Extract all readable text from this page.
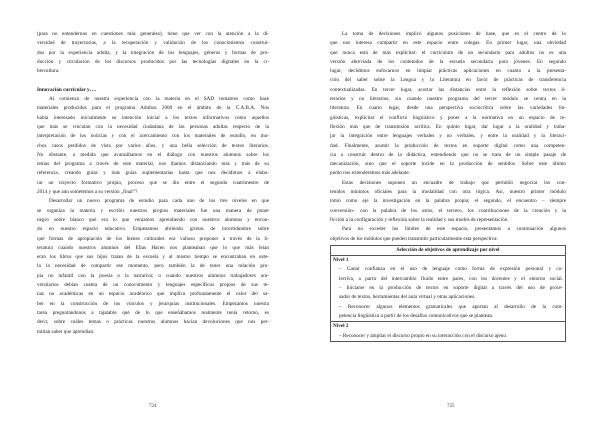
(para no entendernos en cuestiones más generales), tiene que ver con la atención a la di-
versidad de trayectorias, a la recuperación y validación de los conocimientos construi-
dos por la experiencia adulta, y la integración de los lenguajes, géneros y formas de pro-
ducción y circulación de los discursos producidos por las tecnologías digitales en la ci-
bercultura.
Innovación curricular y….
Al comienzo de nuestra experiencia con la materia en el SAD tomamos como base
materiales producidos para el programa Adultos 2000 en el ámbito de la C.A.B.A. Nos
había interesado inicialmente su intención inicial a los textos informativos como aquellos
que más se vinculan con la necesidad ciudadana de las personas adultas respecto de la
interpretación de los noticias y con el acercamiento con los materiales de estudio, en mu-
chos casos perdidos de vista por varios años, y una bella selección de textos literarios.
No obstante, a medida que avanzábamos en el diálogo con nuestros alumnos sobre los
temas del programa a través de este material, nos íbamos distanciando más y más de su
referencia, creando guías y más guías suplementarias hasta que nos decidimos a elabo-
rar un trayecto formativo propio, proceso que se dio entre el segundo cuatrimestre de
2014 y que aún sometemos a su versión „final“?
Desarrollar un nuevo programa de estudio para cada uno de los tres niveles en que
se organiza la materia y escribir nuestros propios materiales fue una manera de poner
negro sobre blanco qué era lo que veníamos aprendiendo con nuestros alumnos y encon-
do en nuestro espacio educativo. Empezamos abriendo grietas de incertidumbre sobre
qué formas de apropiación de los bienes culturales era valioso proponer a través de la li-
teratura cuando nuestros alumnos del Ellas Hacen nos planteaban que lo que más leían
eran los libros que sus hijos traían de la escuela y al mismo tiempo se encontraban en uste-
la la necesidad de compartir ese momento, pero también la de tener una relación pro-
pia no infantil con la poesía o la narrativa; o cuando nuestros alumnos trabajadores uni-
versitarios debían cuenta de un conocimiento y lenguajes específicos propios de sus te-
nas no académicas en un espacio académico que implica profundamente el valor del sa-
ber en la construcción de los vínculos y jerarquías institucionales. Empezamos nuestra
tarea preguntándonos a tajatable qué de lo que enseñábamos realmente tenía retorno, es
decir, sobre cuáles temas o prácticas nuestros alumnos hacían devoluciones que nos per-
mitían saber que aprendían.
724
La toma de decisiones implicó algunos posiciones de base, que es el centro de lo
que nos interesa compartir en este espacio entre colegas. En primer lugar, una obviedad
que nunca está de más explicitar: el currículum de un secundario para adultos no es una
versión abreviada de los contenidos de la escuela secundaria para jóvenes. En segundo
lugar, decidimos enfocarnos en limpiar prácticas aplicaciones en cuanto a la presenta-
ción del saber sobre la Lengua y la Literatura en favor de prácticas de transferencia
contextualizadas. En tercer lugar, acortar las distancias entre la reflexión sobre textos li-
terarios y no literarios, sin cuando nuestro programa del tercer módulo se centra en la
literatura. En cuarto lugar, desde una perspectiva sociocrítica sobre las variedades lin-
güísticas, explicitar el conflicto lingüístico y poner a la normativa en un espacio de re-
flexión más que de transmisión acrítica. En quinto lugar, dar lugar a la oralidad y traba-
jar la integración entre lenguajes verbales y no verbales, y entre la oralidad y la literaci-
dad. Finalmente, asumir la producción de textos en soporte digital como una competen-
cia a construir dentro de la didáctica, entendiendo que no se trata de un simple pasaje de
mecanización, sino que el soporte incide en la producción de sentidos. Sobre este último
punto nos extenderemos más adelante.
Estas decisiones suponen un encuadre de trabajo que permitió negociar los con-
tenidos mínimos oficiales para la modalidad con otra lógica. Así, nuestro primer módulo
tomó como eje la investigación en la palabra propia; el segundo, el encuentro – siempre
conversión– con la palabra de los otros; el tercero, los contribuciones de la creación y la
ficción a la configuración y reflexión sobre la realidad y sus modos de representación.
Para no exceder los límites de este espacio, presentamos a continuación algunos
objetivos de los módulos que pueden transmitir particularmente esta perspectiva:
Selección de objetivos de aprendizaje por nivel
Nivel 1
– Ganar confianza en el uso de lenguaje como forma de expresión personal y co-
lectiva, a partir del intercambio fluido entre pares, con los docentes y el entorno social.
– Iniciarse en la producción de textos en soporte digital a través del uso de proce-
sador de textos, herramientas del aula virtual y otras aplicaciones.
– Reconocer algunos elementos gramaticales que aportan al desarrollo de la com-
petencia lingüística a partir de los desafíos comunicativos que se plantean.
Nivel 2
– Reconocer y ampliar el discurso propio en su interacción con el discurso ajeno.
725
